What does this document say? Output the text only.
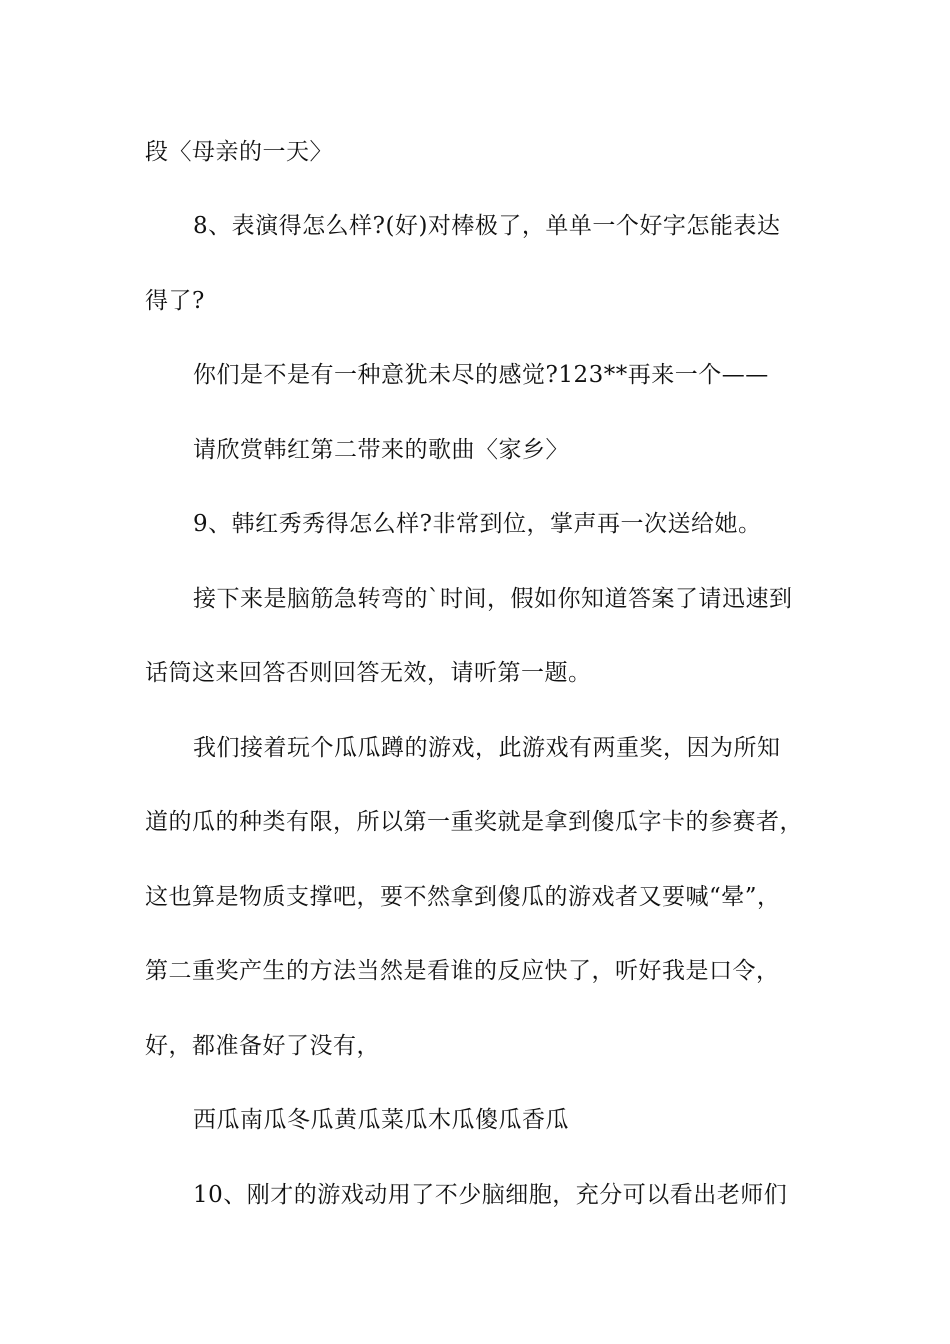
段〈母亲的一天〉
8、表演得怎么样?(好)对棒极了，单单一个好字怎能表达
得了?
你们是不是有一种意犹未尽的感觉?123**再来一个——
请欣赏韩红第二带来的歌曲〈家乡〉
9、韩红秀秀得怎么样?非常到位，掌声再一次送给她。
接下来是脑筋急转弯的`时间，假如你知道答案了请迅速到
话筒这来回答否则回答无效，请听第一题。
我们接着玩个瓜瓜蹲的游戏，此游戏有两重奖，因为所知
道的瓜的种类有限，所以第一重奖就是拿到傻瓜字卡的参赛者，
这也算是物质支撑吧，要不然拿到傻瓜的游戏者又要喊“晕”，
第二重奖产生的方法当然是看谁的反应快了，听好我是口令，
好，都准备好了没有，
西瓜南瓜冬瓜黄瓜菜瓜木瓜傻瓜香瓜
10、刚才的游戏动用了不少脑细胞，充分可以看出老师们
